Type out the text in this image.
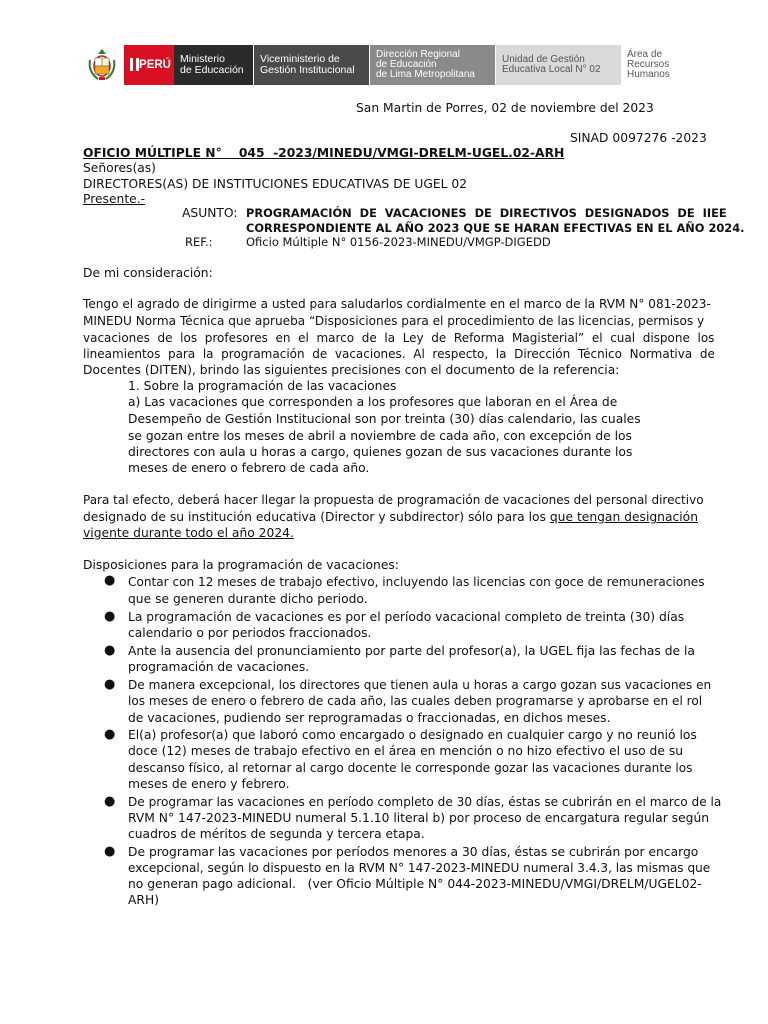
PERÚ Ministerio
de Educación
Viceministerio de
Gestión Institucional
Dirección Regional
de Educación
de Lima Metropolitana
Unidad de Gestión
Educativa Local N° 02
Área de
Recursos Humanos
San Martin de Porres, 02 de noviembre del 2023
SINAD 0097276 -2023
OFICIO MÚLTIPLE N°    045  -2023/MINEDU/VMGI-DRELM-UGEL.02-ARH
Señores(as)
DIRECTORES(AS) DE INSTITUCIONES EDUCATIVAS DE UGEL 02
Presente.-
ASUNTO: PROGRAMACIÓN  DE  VACACIONES  DE  DIRECTIVOS  DESIGNADOS  DE  IIEE
CORRESPONDIENTE AL AÑO 2023 QUE SE HARAN EFECTIVAS EN EL AÑO 2024.
REF.:	Oficio Múltiple N° 0156-2023-MINEDU/VMGP-DIGEDD
De mi consideración:
Tengo el agrado de dirigirme a usted para saludarlos cordialmente en el marco de la RVM N° 081-2023-
MINEDU Norma Técnica que aprueba “Disposiciones para el procedimiento de las licencias, permisos y
vacaciones  de  los  profesores  en  el  marco  de  la  Ley  de  Reforma  Magisterial”  el  cual  dispone  los
lineamientos  para  la  programación  de  vacaciones.  Al  respecto,  la  Dirección  Técnico  Normativa  de
Docentes (DITEN), brindo las siguientes precisiones con el documento de la referencia:
1. Sobre la programación de las vacaciones
a) Las vacaciones que corresponden a los profesores que laboran en el Área de
Desempeño de Gestión Institucional son por treinta (30) días calendario, las cuales
se gozan entre los meses de abril a noviembre de cada año, con excepción de los
directores con aula u horas a cargo, quienes gozan de sus vacaciones durante los
meses de enero o febrero de cada año.
Para tal efecto, deberá hacer llegar la propuesta de programación de vacaciones del personal directivo
designado de su institución educativa (Director y subdirector) sólo para los que tengan designación
vigente durante todo el año 2024.
Disposiciones para la programación de vacaciones:
● Contar con 12 meses de trabajo efectivo, incluyendo las licencias con goce de remuneraciones
que se generen durante dicho periodo.
● La programación de vacaciones es por el período vacacional completo de treinta (30) días
calendario o por periodos fraccionados.
● Ante la ausencia del pronunciamiento por parte del profesor(a), la UGEL fija las fechas de la
programación de vacaciones.
● De manera excepcional, los directores que tienen aula u horas a cargo gozan sus vacaciones en
los meses de enero o febrero de cada año, las cuales deben programarse y aprobarse en el rol
de vacaciones, pudiendo ser reprogramadas o fraccionadas, en dichos meses.
● El(a) profesor(a) que laboró como encargado o designado en cualquier cargo y no reunió los
doce (12) meses de trabajo efectivo en el área en mención o no hizo efectivo el uso de su
descanso físico, al retornar al cargo docente le corresponde gozar las vacaciones durante los
meses de enero y febrero.
● De programar las vacaciones en período completo de 30 días, éstas se cubrirán en el marco de la
RVM N° 147-2023-MINEDU numeral 5.1.10 literal b) por proceso de encargatura regular según
cuadros de méritos de segunda y tercera etapa.
● De programar las vacaciones por períodos menores a 30 días, éstas se cubrirán por encargo
excepcional, según lo dispuesto en la RVM N° 147-2023-MINEDU numeral 3.4.3, las mismas que
no generan pago adicional.   (ver Oficio Múltiple N° 044-2023-MINEDU/VMGI/DRELM/UGEL02-
ARH)
